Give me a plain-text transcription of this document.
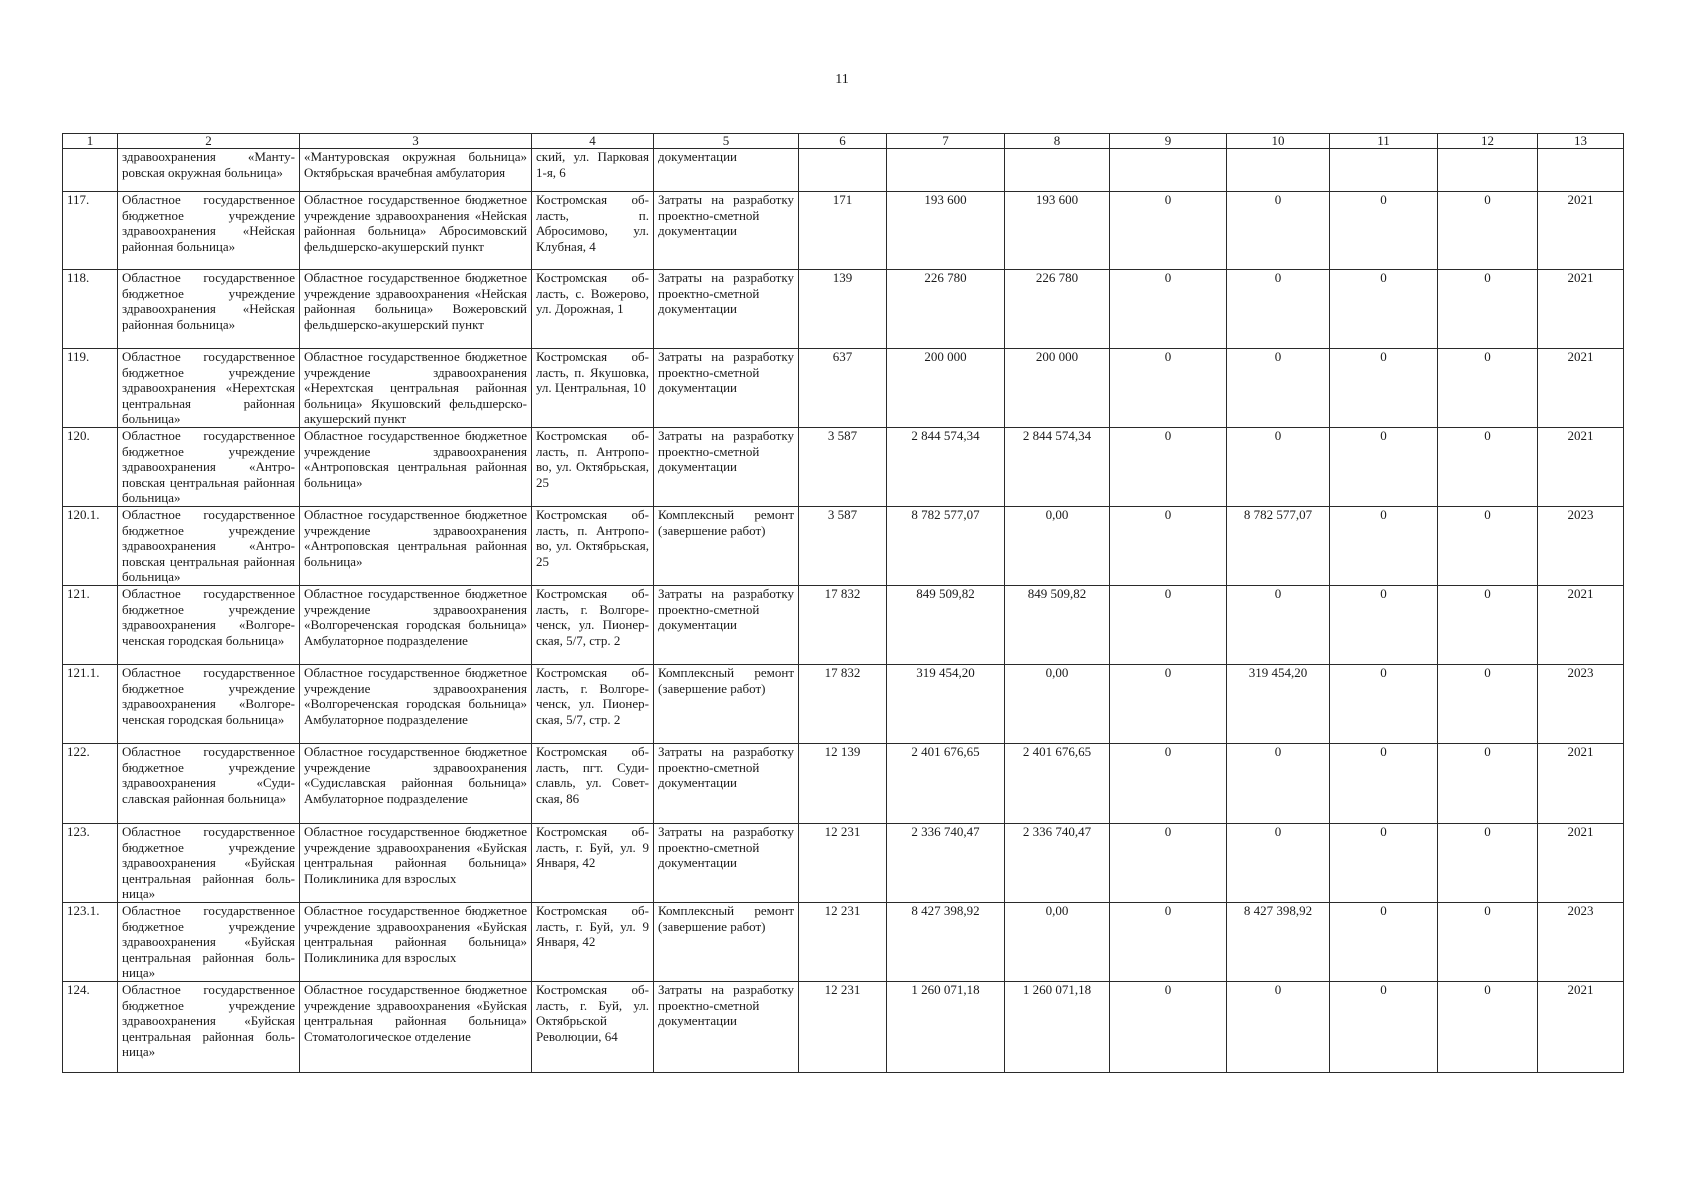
11
1	2	3	4	5	6	7	8	9	10	11	12	13
	здравоохранения «Мантуровская окружная больница»	«Мантуровская окружная больница» Октябрьская врачебная амбулатория	ский, ул. Парковая 1-я, 6	документации								
117.	Областное государственное бюджетное учреждение здравоохранения «Нейская районная больница»	Областное государственное бюджетное учреждение здравоохранения «Нейская районная больница» Абросимовский фельдшерско-акушерский пункт	Костромская область, п. Абросимово, ул. Клубная, 4	Затраты на разработку проектно-сметной документации	171	193 600	193 600	0	0	0	0	2021
118.	Областное государственное бюджетное учреждение здравоохранения «Нейская районная больница»	Областное государственное бюджетное учреждение здравоохранения «Нейская районная больница» Вожеровский фельдшерско-акушерский пункт	Костромская область, с. Вожерово, ул. Дорожная, 1	Затраты на разработку проектно-сметной документации	139	226 780	226 780	0	0	0	0	2021
119.	Областное государственное бюджетное учреждение здравоохранения «Нерехтская центральная районная больница»	Областное государственное бюджетное учреждение здравоохранения «Нерехтская центральная районная больница» Якушовский фельдшерско-акушерский пункт	Костромская область, п. Якушовка, ул. Центральная, 10	Затраты на разработку проектно-сметной документации	637	200 000	200 000	0	0	0	0	2021
120.	Областное государственное бюджетное учреждение здравоохранения «Антроповская центральная районная больница»	Областное государственное бюджетное учреждение здравоохранения «Антроповская центральная районная больница»	Костромская область, п. Антропово, ул. Октябрьская, 25	Затраты на разработку проектно-сметной документации	3 587	2 844 574,34	2 844 574,34	0	0	0	0	2021
120.1.	Областное государственное бюджетное учреждение здравоохранения «Антроповская центральная районная больница»	Областное государственное бюджетное учреждение здравоохранения «Антроповская центральная районная больница»	Костромская область, п. Антропово, ул. Октябрьская, 25	Комплексный ремонт (завершение работ)	3 587	8 782 577,07	0,00	0	8 782 577,07	0	0	2023
121.	Областное государственное бюджетное учреждение здравоохранения «Волгореченская городская больница»	Областное государственное бюджетное учреждение здравоохранения «Волгореченская городская больница» Амбулаторное подразделение	Костромская область, г. Волгореченск, ул. Пионерская, 5/7, стр. 2	Затраты на разработку проектно-сметной документации	17 832	849 509,82	849 509,82	0	0	0	0	2021
121.1.	Областное государственное бюджетное учреждение здравоохранения «Волгореченская городская больница»	Областное государственное бюджетное учреждение здравоохранения «Волгореченская городская больница» Амбулаторное подразделение	Костромская область, г. Волгореченск, ул. Пионерская, 5/7, стр. 2	Комплексный ремонт (завершение работ)	17 832	319 454,20	0,00	0	319 454,20	0	0	2023
122.	Областное государственное бюджетное учреждение здравоохранения «Судиславская районная больница»	Областное государственное бюджетное учреждение здравоохранения «Судиславская районная больница» Амбулаторное подразделение	Костромская область, пгт. Судиславль, ул. Советская, 86	Затраты на разработку проектно-сметной документации	12 139	2 401 676,65	2 401 676,65	0	0	0	0	2021
123.	Областное государственное бюджетное учреждение здравоохранения «Буйская центральная районная больница»	Областное государственное бюджетное учреждение здравоохранения «Буйская центральная районная больница» Поликлиника для взрослых	Костромская область, г. Буй, ул. 9 Января, 42	Затраты на разработку проектно-сметной документации	12 231	2 336 740,47	2 336 740,47	0	0	0	0	2021
123.1.	Областное государственное бюджетное учреждение здравоохранения «Буйская центральная районная больница»	Областное государственное бюджетное учреждение здравоохранения «Буйская центральная районная больница» Поликлиника для взрослых	Костромская область, г. Буй, ул. 9 Января, 42	Комплексный ремонт (завершение работ)	12 231	8 427 398,92	0,00	0	8 427 398,92	0	0	2023
124.	Областное государственное бюджетное учреждение здравоохранения «Буйская центральная районная больница»	Областное государственное бюджетное учреждение здравоохранения «Буйская центральная районная больница» Стоматологическое отделение	Костромская область, г. Буй, ул. Октябрьской Революции, 64	Затраты на разработку проектно-сметной документации	12 231	1 260 071,18	1 260 071,18	0	0	0	0	2021
